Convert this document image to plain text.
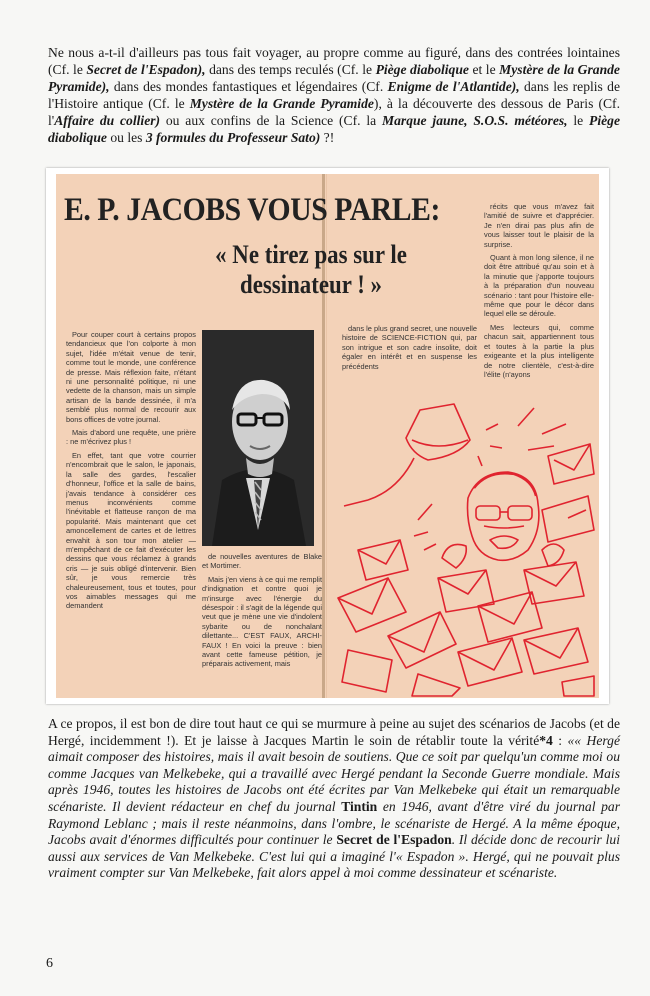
Ne nous a-t-il d'ailleurs pas tous fait voyager, au propre comme au figuré, dans des contrées lointaines (Cf. le Secret de l'Espadon), dans des temps reculés (Cf. le Piège diabolique et le Mystère de la Grande Pyramide), dans des mondes fantastiques et légendaires (Cf. Enigme de l'Atlantide), dans les replis de l'Histoire antique (Cf. le Mystère de la Grande Pyramide), à la découverte des dessous de Paris (Cf. l'Affaire du collier) ou aux confins de la Science (Cf. la Marque jaune, S.O.S. météores, le Piège diabolique ou les 3 formules du Professeur Sato) ?!
E. P. JACOBS VOUS PARLE:
« Ne tirez pas sur le dessinateur ! »

Pour couper court à certains propos tendancieux que l'on colporte à mon sujet, l'idée m'était venue de tenir, comme tout le monde, une conférence de presse. Mais réflexion faite, n'étant ni une personnalité politique, ni une vedette de la chanson, mais un simple artisan de la bande dessinée, il m'a semblé plus normal de recourir aux bons offices de votre journal.

Mais d'abord une requête, une prière : ne m'écrivez plus !

En effet, tant que votre courrier n'encombrait que le salon, le japonais, la salle des gardes, l'escalier d'honneur, l'office et la salle de bains, j'avais tendance à considérer ces menus inconvénients comme l'inévitable et flatteuse rançon de ma popularité. Mais maintenant que cet amoncellement de cartes et de lettres envahit à son tour mon atelier — m'empêchant de ce fait d'exécuter les dessins que vous réclamez à grands cris — je suis obligé d'intervenir. Bien sûr, je vous remercie très chaleureusement, tous et toutes, pour vos aimables messages qui me demandent

de nouvelles aventures de Blake et Mortimer.

Mais j'en viens à ce qui me remplit d'indignation et contre quoi je m'insurge avec l'énergie du désespoir : il s'agit de la légende qui veut que je mène une vie d'indolent sybarite ou de nonchalant dilettante... C'EST FAUX, ARCHI-FAUX ! En voici la preuve : bien avant cette fameuse pétition, je préparais activement, mais

dans le plus grand secret, une nouvelle histoire de SCIENCE-FICTION qui, par son intrigue et son cadre insolite, doit égaler en intérêt et en suspense les précédents

récits que vous m'avez fait l'amitié de suivre et d'apprécier. Je n'en dirai pas plus afin de vous laisser tout le plaisir de la surprise.

Quant à mon long silence, il ne doit être attribué qu'au soin et à la minutie que j'apporte toujours à la préparation d'un nouveau scénario : tant pour l'histoire elle-même que pour le décor dans lequel elle se déroule.

Mes lecteurs qui, comme chacun sait, appartiennent tous et toutes à la partie la plus exigeante et la plus intelligente de notre clientèle, c'est-à-dire l'élite (n'ayons

A ce propos, il est bon de dire tout haut ce qui se murmure à peine au sujet des scénarios de Jacobs (et de Hergé, incidemment !). Et je laisse à Jacques Martin le soin de rétablir toute la vérité*4 : «« Hergé aimait composer des histoires, mais il avait besoin de soutiens. Que ce soit par quelqu'un comme moi ou comme Jacques van Melkebeke, qui a travaillé avec Hergé pendant la Seconde Guerre mondiale. Mais après 1946, toutes les histoires de Jacobs ont été écrites par Van Melkebeke qui était un remarquable scénariste. Il devient rédacteur en chef du journal Tintin en 1946, avant d'être viré du journal par Raymond Leblanc ; mais il reste néanmoins, dans l'ombre, le scénariste de Hergé. A la même époque, Jacobs avait d'énormes difficultés pour continuer le Secret de l'Espadon. Il décide donc de recourir lui aussi aux services de Van Melkebeke. C'est lui qui a imaginé l'« Espadon ». Hergé, qui ne pouvait plus vraiment compter sur Van Melkebeke, fait alors appel à moi comme dessinateur et scénariste.
6
